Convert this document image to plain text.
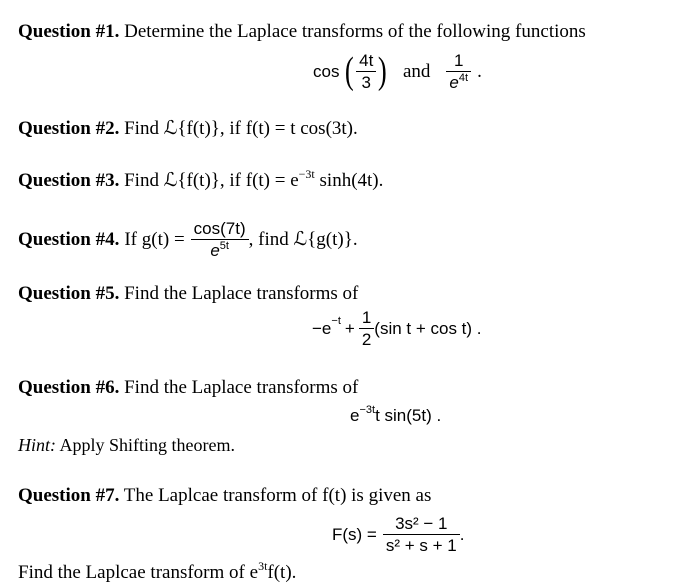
Question #1. Determine the Laplace transforms of the following functions
cos ( $\frac{4t}{3}$ ) and $\frac{1}{e^{4t}}$ .
Question #2. Find ℒ{f(t)}, if f(t) = t cos(3t).
Question #3. Find ℒ{f(t)}, if $f(t) = e^{-3t}$ sinh(4t).
Question #4. If $g(t) = \frac{\cos(7t)}{e^{5t}}$ , find ℒ{g(t)}.
Question #5. Find the Laplace transforms of
$-e -t + \frac{1}{2} (\sin$ t + cos t) .
Question #6. Find the Laplace transforms of
$e^{-3t}t$ sin(5t) .
Hint: Apply Shifting theorem.
Question #7. The Laplcae transform of f(t) is given as
$F(s) = \frac{\text{3s² − 1}}{\text{s² + s + 1}}$ .
Find the Laplcae transform of $e^{3t}f(t)$.
